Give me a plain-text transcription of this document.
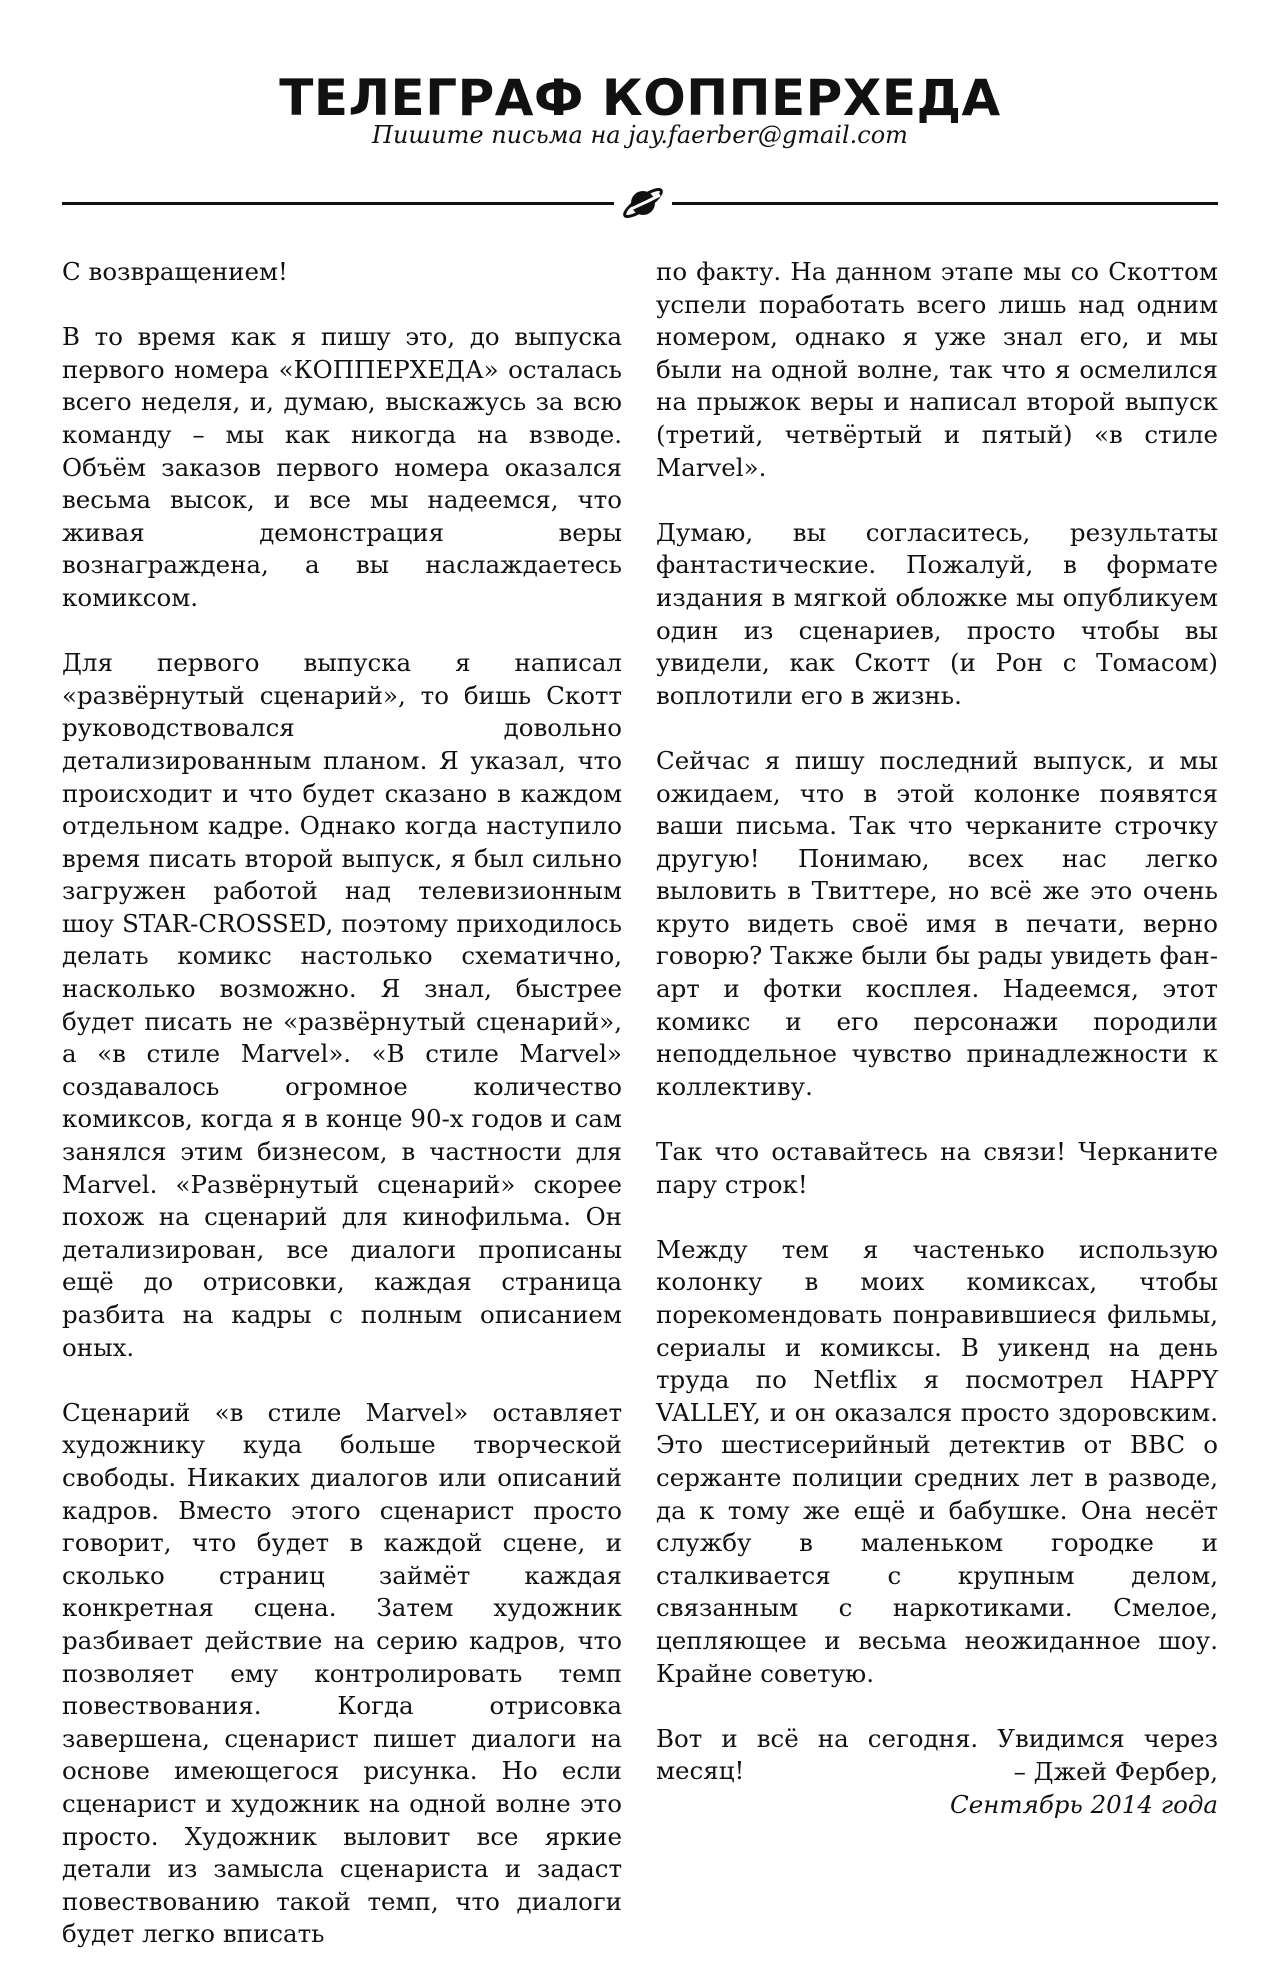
ТЕЛЕГРАФ КОППЕРХЕДА
Пишите письма на jay.faerber@gmail.com

С возвращением!

В то время как я пишу это, до выпуска первого номера «КОППЕРХЕДА» осталась всего неделя, и, думаю, выскажусь за всю команду – мы как никогда на взводе. Объём заказов первого номера оказался весьма высок, и все мы надеемся, что живая демонстрация веры вознаграждена, а вы наслаждаетесь комиксом.

Для первого выпуска я написал «развёрнутый сценарий», то бишь Скотт руководствовался довольно детализированным планом. Я указал, что происходит и что будет сказано в каждом отдельном кадре. Однако когда наступило время писать второй выпуск, я был сильно загружен работой над телевизионным шоу STAR-CROSSED, поэтому приходилось делать комикс настолько схематично, насколько возможно. Я знал, быстрее будет писать не «развёрнутый сценарий», а «в стиле Marvel». «В стиле Marvel» создавалось огромное количество комиксов, когда я в конце 90-х годов и сам занялся этим бизнесом, в частности для Marvel. «Развёрнутый сценарий» скорее похож на сценарий для кинофильма. Он детализирован, все диалоги прописаны ещё до отрисовки, каждая страница разбита на кадры с полным описанием оных.

Сценарий «в стиле Marvel» оставляет художнику куда больше творческой свободы. Никаких диалогов или описаний кадров. Вместо этого сценарист просто говорит, что будет в каждой сцене, и сколько страниц займёт каждая конкретная сцена. Затем художник разбивает действие на серию кадров, что позволяет ему контролировать темп повествования. Когда отрисовка завершена, сценарист пишет диалоги на основе имеющегося рисунка. Но если сценарист и художник на одной волне это просто. Художник выловит все яркие детали из замысла сценариста и задаст повествованию такой темп, что диалоги будет легко вписать

по факту. На данном этапе мы со Скоттом успели поработать всего лишь над одним номером, однако я уже знал его, и мы были на одной волне, так что я осмелился на прыжок веры и написал второй выпуск (третий, четвёртый и пятый) «в стиле Marvel».

Думаю, вы согласитесь, результаты фантастические. Пожалуй, в формате издания в мягкой обложке мы опубликуем один из сценариев, просто чтобы вы увидели, как Скотт (и Рон с Томасом) воплотили его в жизнь.

Сейчас я пишу последний выпуск, и мы ожидаем, что в этой колонке появятся ваши письма. Так что черканите строчку другую! Понимаю, всех нас легко выловить в Твиттере, но всё же это очень круто видеть своё имя в печати, верно говорю? Также были бы рады увидеть фан-арт и фотки косплея. Надеемся, этот комикс и его персонажи породили неподдельное чувство принадлежности к коллективу.

Так что оставайтесь на связи! Черканите пару строк!

Между тем я частенько использую колонку в моих комиксах, чтобы порекомендовать понравившиеся фильмы, сериалы и комиксы. В уикенд на день труда по Netflix я посмотрел HAPPY VALLEY, и он оказался просто здоровским. Это шестисерийный детектив от BBC о сержанте полиции средних лет в разводе, да к тому же ещё и бабушке. Она несёт службу в маленьком городке и сталкивается с крупным делом, связанным с наркотиками. Смелое, цепляющее и весьма неожиданное шоу. Крайне советую.

Вот и всё на сегодня. Увидимся через месяц!	– Джей Фербер,
Сентябрь 2014 года
